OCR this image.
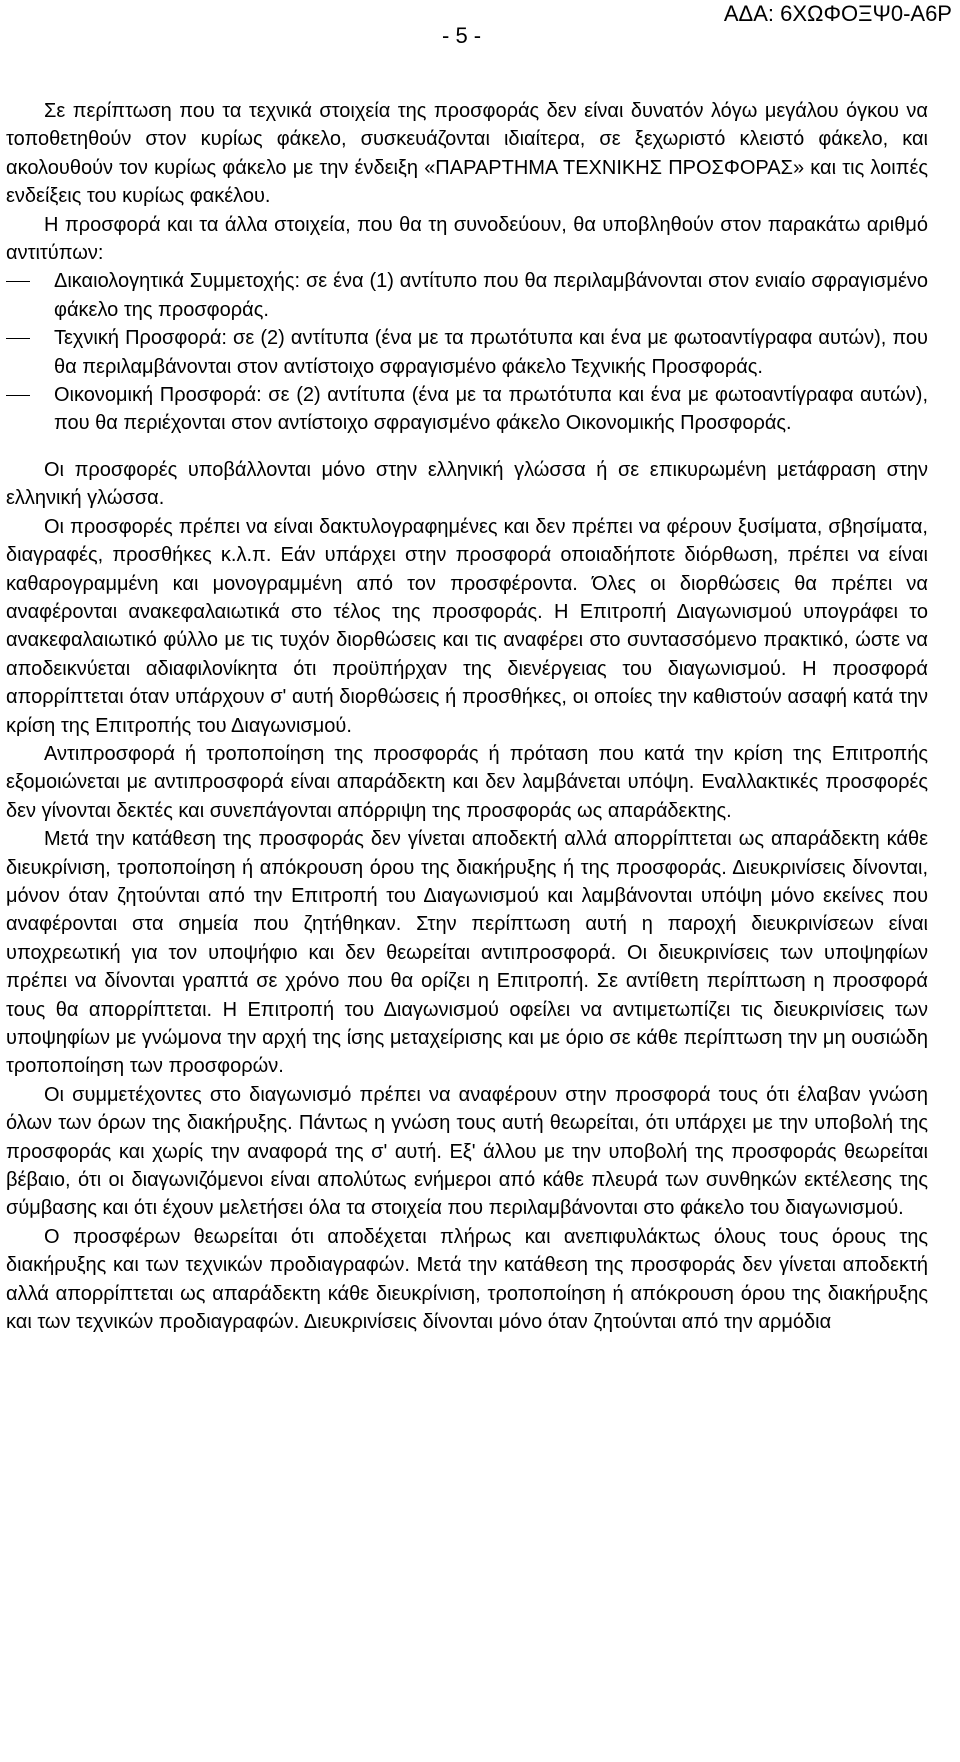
ΑΔΑ: 6ΧΩΦΟΞΨ0-Α6Ρ
- 5 -

Σε περίπτωση που τα τεχνικά στοιχεία της προσφοράς δεν είναι δυνατόν λόγω μεγάλου όγκου να τοποθετηθούν στον κυρίως φάκελο, συσκευάζονται ιδιαίτερα, σε ξεχωριστό κλειστό φάκελο, και ακολουθούν τον κυρίως φάκελο με την ένδειξη «ΠΑΡΑΡΤΗΜΑ ΤΕΧΝΙΚΗΣ ΠΡΟΣΦΟΡΑΣ» και τις λοιπές ενδείξεις του κυρίως φακέλου.

Η προσφορά και τα άλλα στοιχεία, που θα τη συνοδεύουν, θα υποβληθούν στον παρακάτω αριθμό αντιτύπων:

Δικαιολογητικά Συμμετοχής: σε ένα (1) αντίτυπο που θα περιλαμβάνονται στον ενιαίο σφραγισμένο φάκελο της προσφοράς.
Τεχνική Προσφορά: σε (2) αντίτυπα (ένα με τα πρωτότυπα και ένα με φωτοαντίγραφα αυτών), που θα περιλαμβάνονται στον αντίστοιχο σφραγισμένο φάκελο Τεχνικής Προσφοράς.
Οικονομική Προσφορά: σε (2) αντίτυπα (ένα με τα πρωτότυπα και ένα με φωτοαντίγραφα αυτών), που θα περιέχονται στον αντίστοιχο σφραγισμένο φάκελο Οικονομικής Προσφοράς.

Οι προσφορές υποβάλλονται μόνο στην ελληνική γλώσσα ή σε επικυρωμένη μετάφραση στην ελληνική γλώσσα.

Οι προσφορές πρέπει να είναι δακτυλογραφημένες και δεν πρέπει να φέρουν ξυσίματα, σβησίματα, διαγραφές, προσθήκες κ.λ.π. Εάν υπάρχει στην προσφορά οποιαδήποτε διόρθωση, πρέπει να είναι καθαρογραμμένη και μονογραμμένη από τον προσφέροντα. Όλες οι διορθώσεις θα πρέπει να αναφέρονται ανακεφαλαιωτικά στο τέλος της προσφοράς. Η Επιτροπή Διαγωνισμού υπογράφει το ανακεφαλαιωτικό φύλλο με τις τυχόν διορθώσεις και τις αναφέρει στο συντασσόμενο πρακτικό, ώστε να αποδεικνύεται αδιαφιλονίκητα ότι προϋπήρχαν της διενέργειας του διαγωνισμού. Η προσφορά απορρίπτεται όταν υπάρχουν σ' αυτή διορθώσεις ή προσθήκες, οι οποίες την καθιστούν ασαφή κατά την κρίση της Επιτροπής του Διαγωνισμού.

Αντιπροσφορά ή τροποποίηση της προσφοράς ή πρόταση που κατά την κρίση της Επιτροπής εξομοιώνεται με αντιπροσφορά είναι απαράδεκτη και δεν λαμβάνεται υπόψη. Εναλλακτικές προσφορές δεν γίνονται δεκτές και συνεπάγονται απόρριψη της προσφοράς ως απαράδεκτης.

Μετά την κατάθεση της προσφοράς δεν γίνεται αποδεκτή αλλά απορρίπτεται ως απαράδεκτη κάθε διευκρίνιση, τροποποίηση ή απόκρουση όρου της διακήρυξης ή της προσφοράς. Διευκρινίσεις δίνονται, μόνον όταν ζητούνται από την Επιτροπή του Διαγωνισμού και λαμβάνονται υπόψη μόνο εκείνες που αναφέρονται στα σημεία που ζητήθηκαν. Στην περίπτωση αυτή η παροχή διευκρινίσεων είναι υποχρεωτική για τον υποψήφιο και δεν θεωρείται αντιπροσφορά. Οι διευκρινίσεις των υποψηφίων πρέπει να δίνονται γραπτά σε χρόνο που θα ορίζει η Επιτροπή. Σε αντίθετη περίπτωση η προσφορά τους θα απορρίπτεται. Η Επιτροπή του Διαγωνισμού οφείλει να αντιμετωπίζει τις διευκρινίσεις των υποψηφίων με γνώμονα την αρχή της ίσης μεταχείρισης και με όριο σε κάθε περίπτωση την μη ουσιώδη τροποποίηση των προσφορών.

Οι συμμετέχοντες στο διαγωνισμό πρέπει να αναφέρουν στην προσφορά τους ότι έλαβαν γνώση όλων των όρων της διακήρυξης. Πάντως η γνώση τους αυτή θεωρείται, ότι υπάρχει με την υποβολή της προσφοράς και χωρίς την αναφορά της σ' αυτή. Εξ' άλλου με την υποβολή της προσφοράς θεωρείται βέβαιο, ότι οι διαγωνιζόμενοι είναι απολύτως ενήμεροι από κάθε πλευρά των συνθηκών εκτέλεσης της σύμβασης και ότι έχουν μελετήσει όλα τα στοιχεία που περιλαμβάνονται στο φάκελο του διαγωνισμού.

Ο προσφέρων θεωρείται ότι αποδέχεται πλήρως και ανεπιφυλάκτως όλους τους όρους της διακήρυξης και των τεχνικών προδιαγραφών. Μετά την κατάθεση της προσφοράς δεν γίνεται αποδεκτή αλλά απορρίπτεται ως απαράδεκτη κάθε διευκρίνιση, τροποποίηση ή απόκρουση όρου της διακήρυξης και των τεχνικών προδιαγραφών. Διευκρινίσεις δίνονται μόνο όταν ζητούνται από την αρμόδια
